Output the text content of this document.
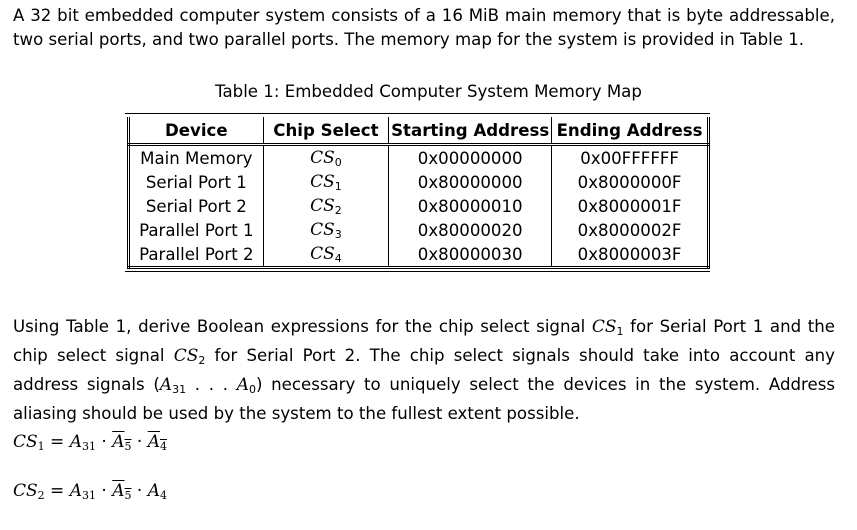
A 32 bit embedded computer system consists of a 16 MiB main memory that is byte addressable, two serial ports, and two parallel ports. The memory map for the system is provided in Table 1.
Table 1: Embedded Computer System Memory Map
Device	Chip Select	Starting Address	Ending Address
Main Memory	$CS_0$	0x00000000	0x00FFFFFF
Serial Port 1	$CS_1$	0x80000000	0x8000000F
Serial Port 2	$CS_2$	0x80000010	0x8000001F
Parallel Port 1	$CS_3$	0x80000020	0x8000002F
Parallel Port 2	$CS_4$	0x80000030	0x8000003F
Using Table 1, derive Boolean expressions for the chip select signal $CS_1$ for Serial Port 1 and the chip select signal $CS_2$ for Serial Port 2. The chip select signals should take into account any address signals ($A_{31}$ . . . $A_0$) necessary to uniquely select the devices in the system. Address aliasing should be used by the system to the fullest extent possible.
$CS_1 = A_{31} \cdot A_5 \cdot A_4$
$CS_2 = A_{31} \cdot A_5 \cdot A_4$
